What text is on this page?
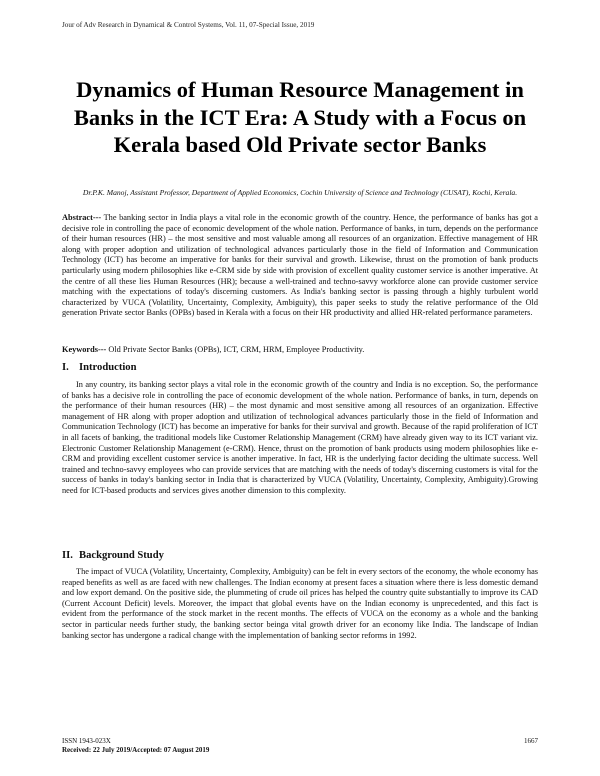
Jour of Adv Research in Dynamical & Control Systems, Vol. 11, 07-Special Issue, 2019
Dynamics of Human Resource Management in Banks in the ICT Era: A Study with a Focus on Kerala based Old Private sector Banks
Dr.P.K. Manoj, Assistant Professor, Department of Applied Economics, Cochin University of Science and Technology (CUSAT), Kochi, Kerala.
Abstract--- The banking sector in India plays a vital role in the economic growth of the country. Hence, the performance of banks has got a decisive role in controlling the pace of economic development of the whole nation. Performance of banks, in turn, depends on the performance of their human resources (HR) – the most sensitive and most valuable among all resources of an organization. Effective management of HR along with proper adoption and utilization of technological advances particularly those in the field of Information and Communication Technology (ICT) has become an imperative for banks for their survival and growth. Likewise, thrust on the promotion of bank products particularly using modern philosophies like e-CRM side by side with provision of excellent quality customer service is another imperative. At the centre of all these lies Human Resources (HR); because a well-trained and techno-savvy workforce alone can provide customer service matching with the expectations of today's discerning customers. As India's banking sector is passing through a highly turbulent world characterized by VUCA (Volatility, Uncertainty, Complexity, Ambiguity), this paper seeks to study the relative performance of the Old generation Private sector Banks (OPBs) based in Kerala with a focus on their HR productivity and allied HR-related performance parameters.
Keywords--- Old Private Sector Banks (OPBs), ICT, CRM, HRM, Employee Productivity.
I. Introduction
In any country, its banking sector plays a vital role in the economic growth of the country and India is no exception. So, the performance of banks has a decisive role in controlling the pace of economic development of the whole nation. Performance of banks, in turn, depends on the performance of their human resources (HR) – the most dynamic and most sensitive among all resources of an organization. Effective management of HR along with proper adoption and utilization of technological advances particularly those in the field of Information and Communication Technology (ICT) has become an imperative for banks for their survival and growth. Because of the rapid proliferation of ICT in all facets of banking, the traditional models like Customer Relationship Management (CRM) have already given way to its ICT variant viz. Electronic Customer Relationship Management (e-CRM). Hence, thrust on the promotion of bank products using modern philosophies like e-CRM and providing excellent customer service is another imperative. In fact, HR is the underlying factor deciding the ultimate success. Well trained and techno-savvy employees who can provide services that are matching with the needs of today's discerning customers is vital for the success of banks in today's banking sector in India that is characterized by VUCA (Volatility, Uncertainty, Complexity, Ambiguity).Growing need for ICT-based products and services gives another dimension to this complexity.
II. Background Study
The impact of VUCA (Volatility, Uncertainty, Complexity, Ambiguity) can be felt in every sectors of the economy, the whole economy has reaped benefits as well as are faced with new challenges. The Indian economy at present faces a situation where there is less domestic demand and low export demand. On the positive side, the plummeting of crude oil prices has helped the country quite substantially to improve its CAD (Current Account Deficit) levels. Moreover, the impact that global events have on the Indian economy is unprecedented, and this fact is evident from the performance of the stock market in the recent months. The effects of VUCA on the economy as a whole and the banking sector in particular needs further study, the banking sector beinga vital growth driver for an economy like India. The landscape of Indian banking sector has undergone a radical change with the implementation of banking sector reforms in 1992.
ISSN 1943-023X	1667
Received: 22 July 2019/Accepted: 07 August 2019
